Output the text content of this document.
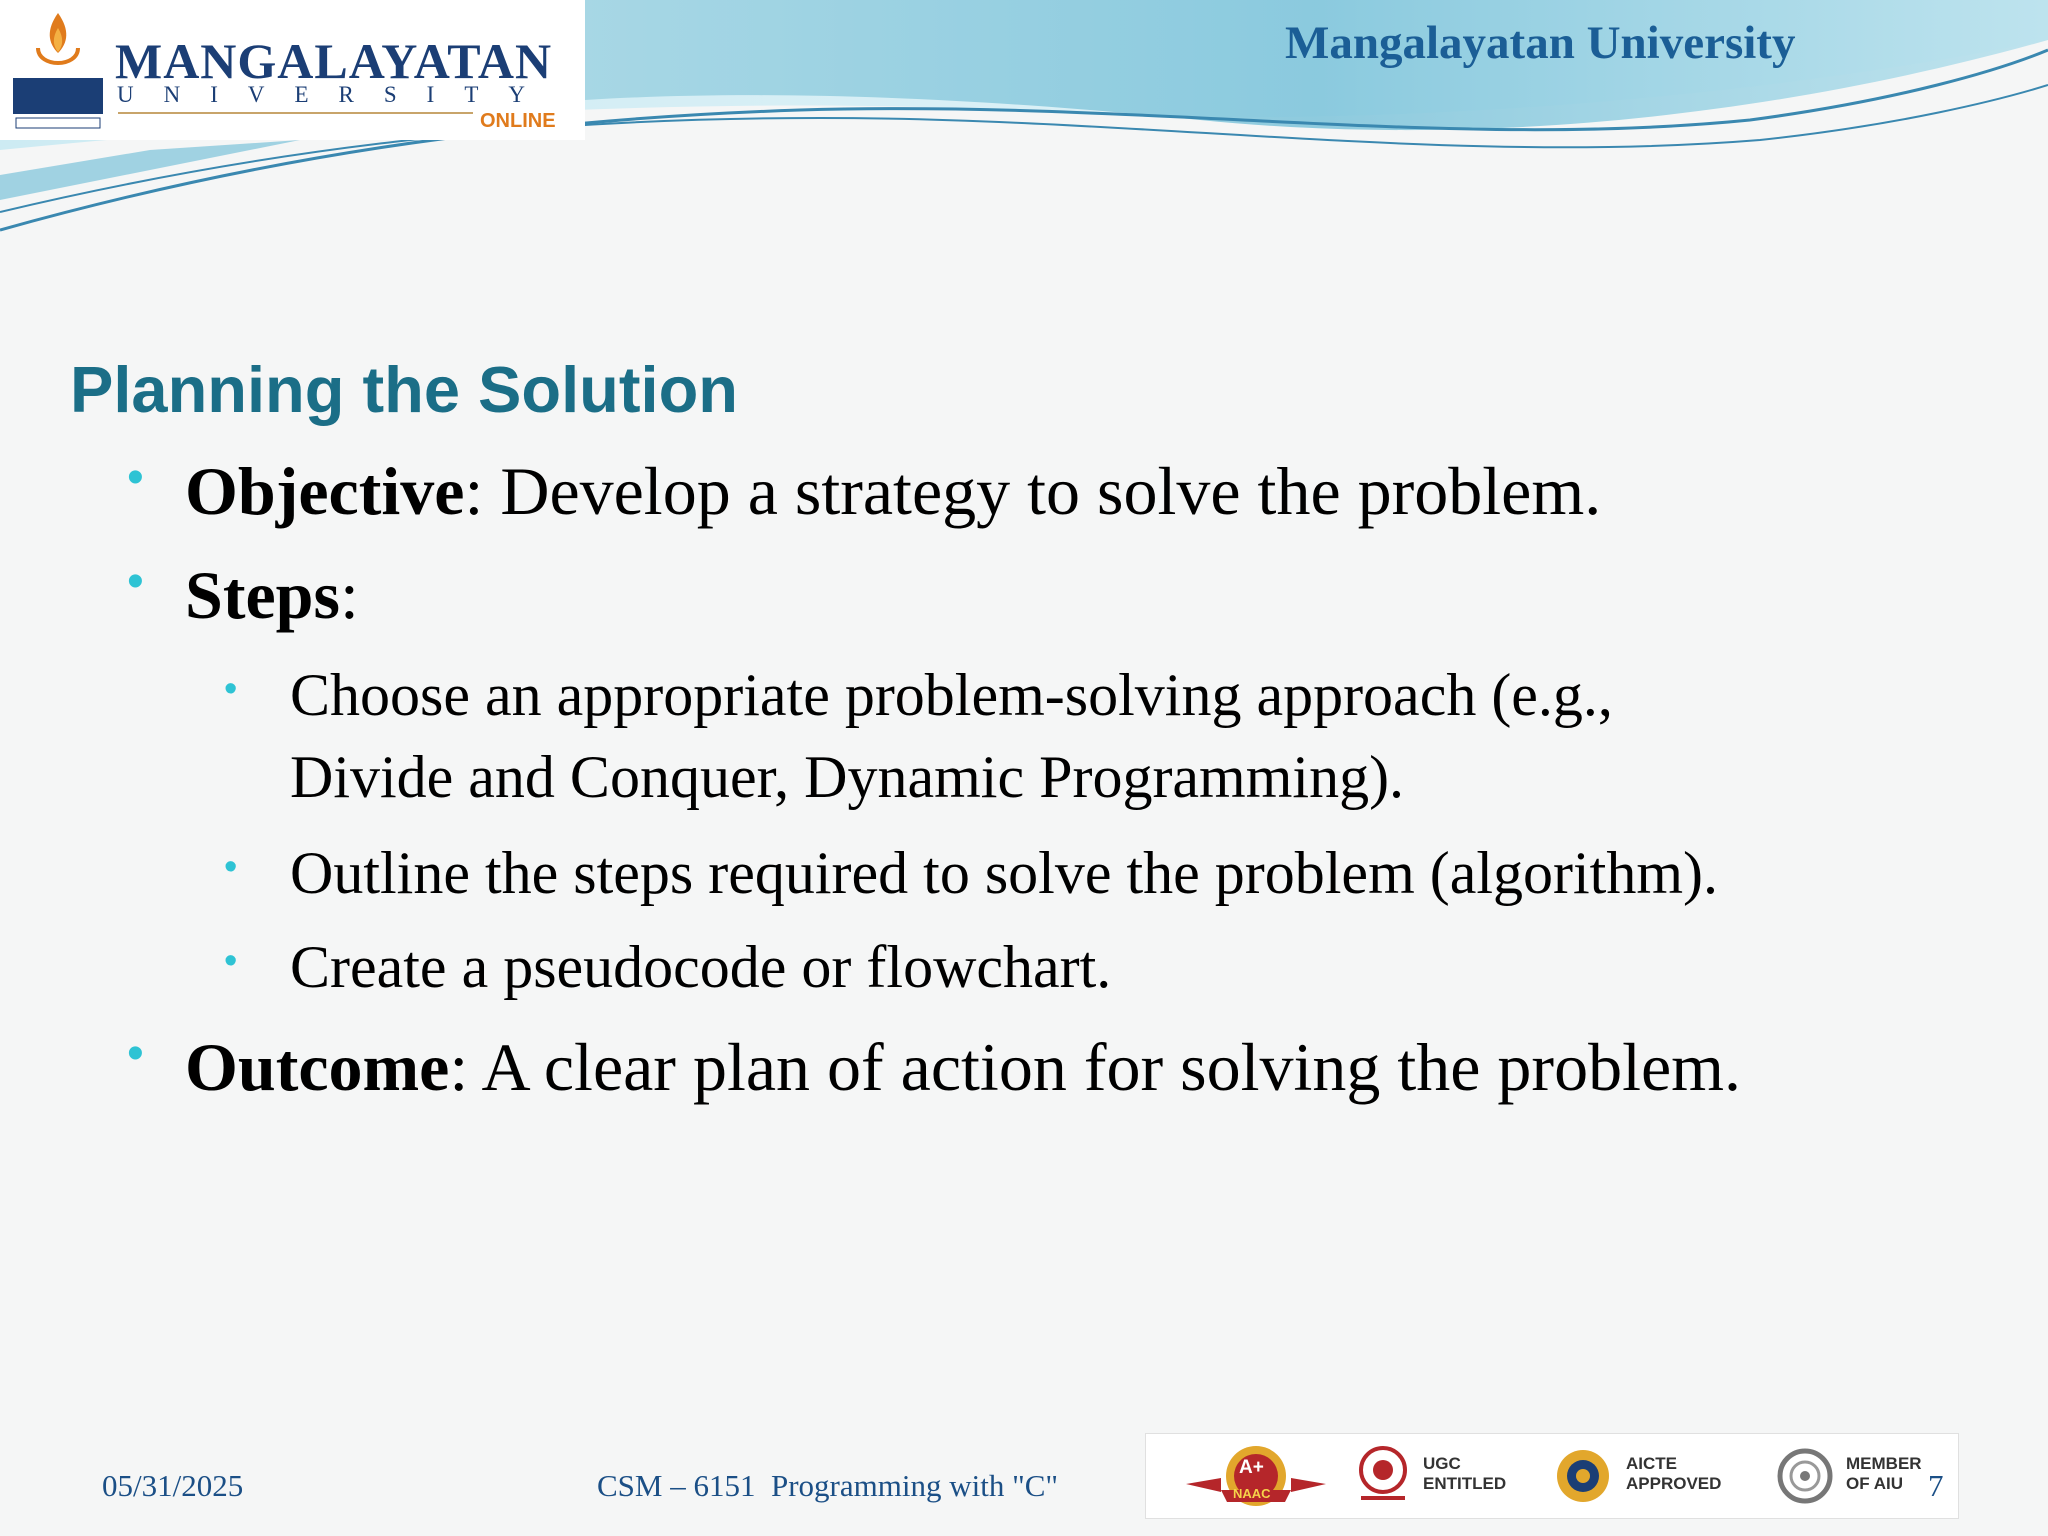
MANGALAYATAN
UNIVERSITY
ONLINE
Mangalayatan University
Planning the Solution
• Objective: Develop a strategy to solve the problem.
• Steps:
• Choose an appropriate problem-solving approach (e.g.,
Divide and Conquer, Dynamic Programming).
• Outline the steps required to solve the problem (algorithm).
• Create a pseudocode or flowchart.
• Outcome: A clear plan of action for solving the problem.
05/31/2025	CSM – 6151  Programming with "C"
A+
NAAC
UGC
ENTITLED
AICTE
APPROVED
MEMBER
OF AIU 7
